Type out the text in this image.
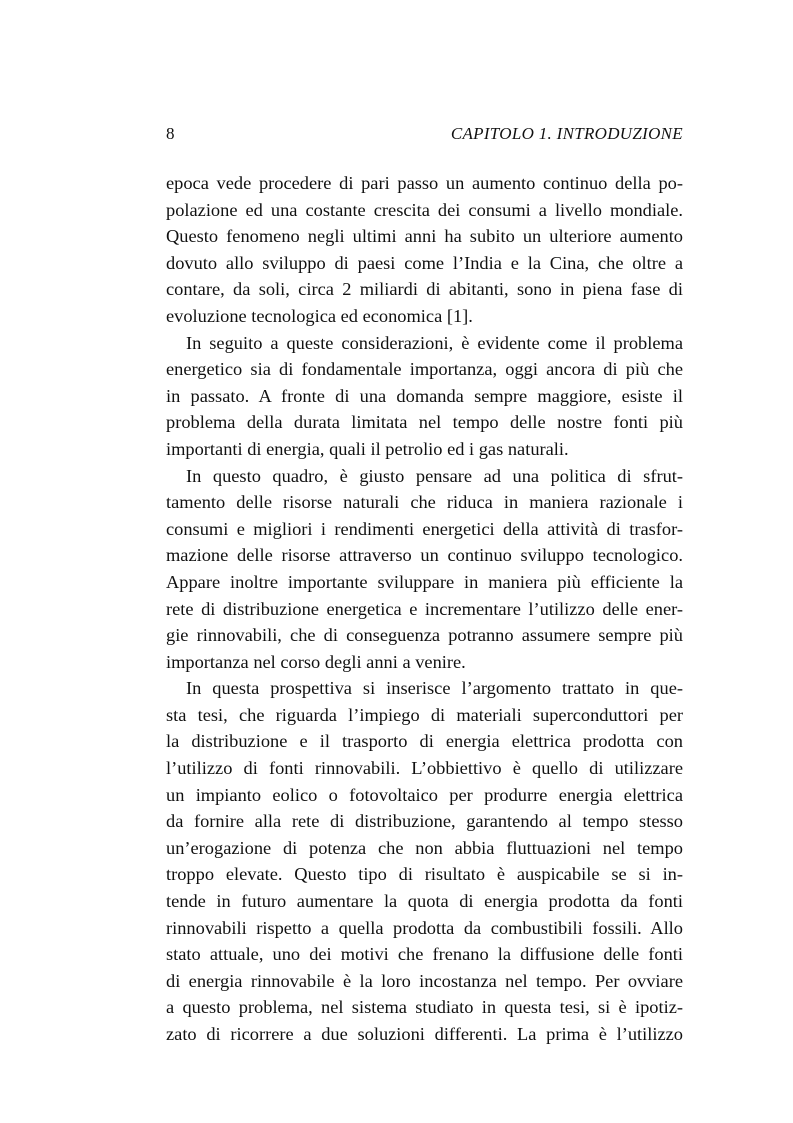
8	CAPITOLO 1. INTRODUZIONE
epoca vede procedere di pari passo un aumento continuo della po-
polazione ed una costante crescita dei consumi a livello mondiale.
Questo fenomeno negli ultimi anni ha subito un ulteriore aumento
dovuto allo sviluppo di paesi come l’India e la Cina, che oltre a
contare, da soli, circa 2 miliardi di abitanti, sono in piena fase di
evoluzione tecnologica ed economica [1].
In seguito a queste considerazioni, è evidente come il problema
energetico sia di fondamentale importanza, oggi ancora di più che
in passato. A fronte di una domanda sempre maggiore, esiste il
problema della durata limitata nel tempo delle nostre fonti più
importanti di energia, quali il petrolio ed i gas naturali.
In questo quadro, è giusto pensare ad una politica di sfrut-
tamento delle risorse naturali che riduca in maniera razionale i
consumi e migliori i rendimenti energetici della attività di trasfor-
mazione delle risorse attraverso un continuo sviluppo tecnologico.
Appare inoltre importante sviluppare in maniera più efficiente la
rete di distribuzione energetica e incrementare l’utilizzo delle ener-
gie rinnovabili, che di conseguenza potranno assumere sempre più
importanza nel corso degli anni a venire.
In questa prospettiva si inserisce l’argomento trattato in que-
sta tesi, che riguarda l’impiego di materiali superconduttori per
la distribuzione e il trasporto di energia elettrica prodotta con
l’utilizzo di fonti rinnovabili. L’obbiettivo è quello di utilizzare
un impianto eolico o fotovoltaico per produrre energia elettrica
da fornire alla rete di distribuzione, garantendo al tempo stesso
un’erogazione di potenza che non abbia fluttuazioni nel tempo
troppo elevate. Questo tipo di risultato è auspicabile se si in-
tende in futuro aumentare la quota di energia prodotta da fonti
rinnovabili rispetto a quella prodotta da combustibili fossili. Allo
stato attuale, uno dei motivi che frenano la diffusione delle fonti
di energia rinnovabile è la loro incostanza nel tempo. Per ovviare
a questo problema, nel sistema studiato in questa tesi, si è ipotiz-
zato di ricorrere a due soluzioni differenti. La prima è l’utilizzo
